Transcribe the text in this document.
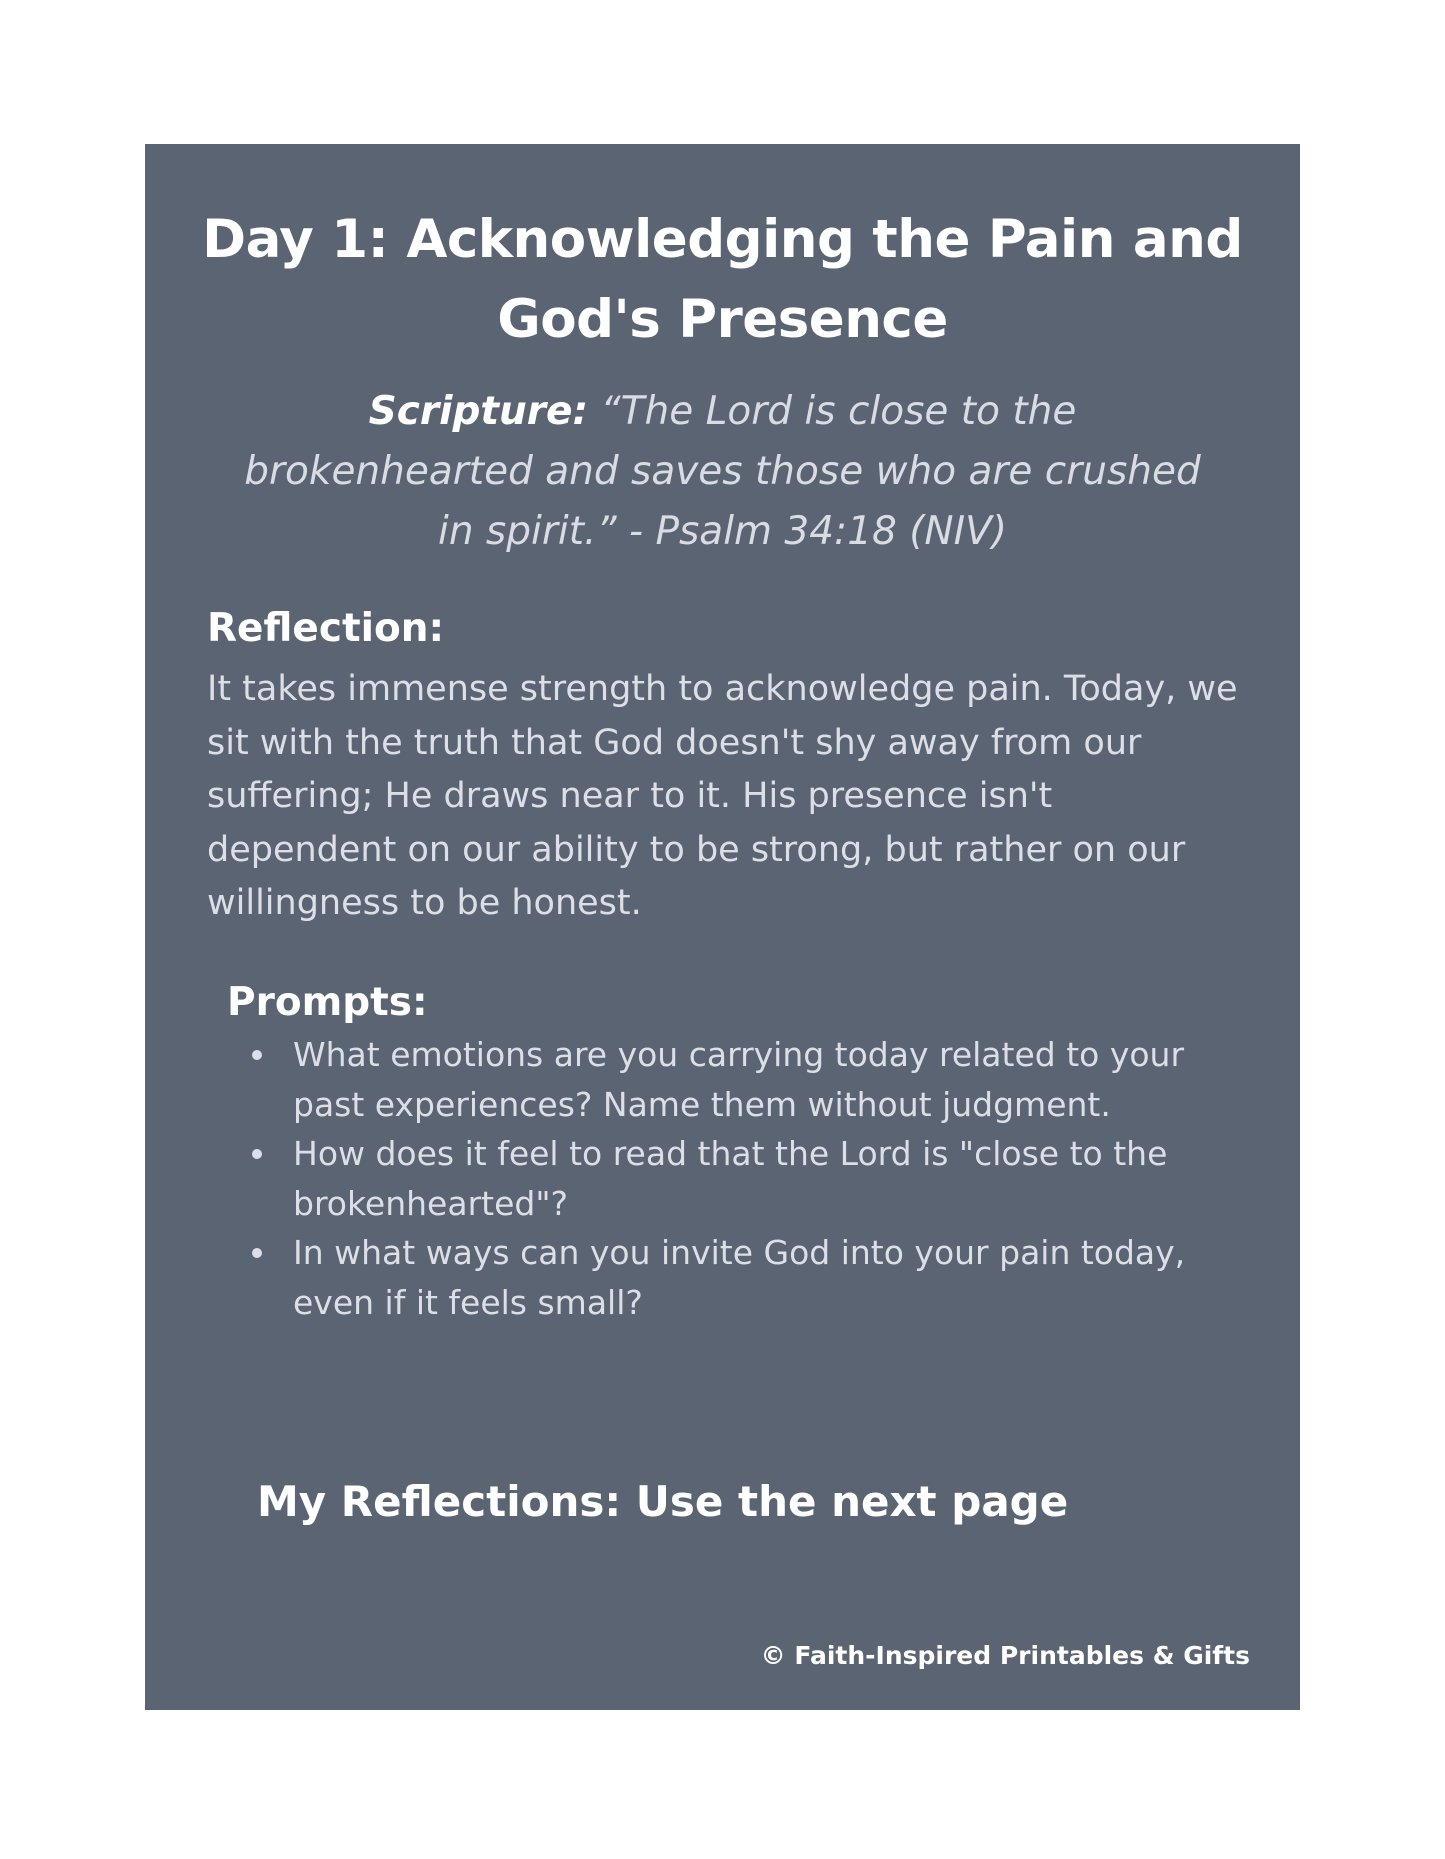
Day 1: Acknowledging the Pain and God's Presence

Scripture: “The Lord is close to the brokenhearted and saves those who are crushed in spirit.” - Psalm 34:18 (NIV)

Reflection:

It takes immense strength to acknowledge pain. Today, we sit with the truth that God doesn't shy away from our suffering; He draws near to it. His presence isn't dependent on our ability to be strong, but rather on our willingness to be honest.

Prompts:
What emotions are you carrying today related to your past experiences? Name them without judgment.
How does it feel to read that the Lord is "close to the brokenhearted"?
In what ways can you invite God into your pain today, even if it feels small?
My Reflections: Use the next page

© Faith-Inspired Printables & Gifts
